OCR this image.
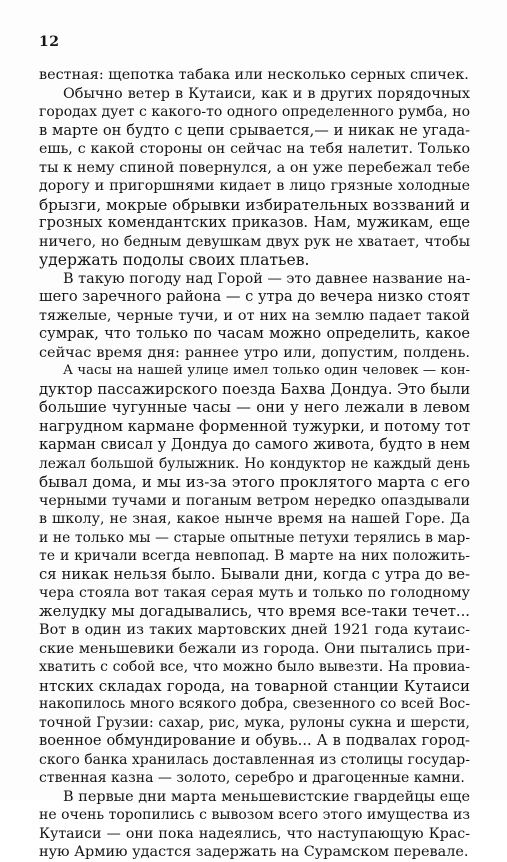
12
вестная: щепотка табака или несколько серных спичек.
Обычно ветер в Кутаиси, как и в других порядочных
городах дует с какого-то одного определенного румба, но
в марте он будто с цепи срывается,— и никак не угада-
ешь, с какой стороны он сейчас на тебя налетит. Только
ты к нему спиной повернулся, а он уже перебежал тебе
дорогу и пригоршнями кидает в лицо грязные холодные
брызги, мокрые обрывки избирательных воззваний и
грозных комендантских приказов. Нам, мужикам, еще
ничего, но бедным девушкам двух рук не хватает, чтобы
удержать подолы своих платьев.
В такую погоду над Горой — это давнее название на-
шего заречного района — с утра до вечера низко стоят
тяжелые, черные тучи, и от них на землю падает такой
сумрак, что только по часам можно определить, какое
сейчас время дня: раннее утро или, допустим, полдень.
А часы на нашей улице имел только один человек — кон-
дуктор пассажирского поезда Бахва Дондуа. Это были
большие чугунные часы — они у него лежали в левом
нагрудном кармане форменной тужурки, и потому тот
карман свисал у Дондуа до самого живота, будто в нем
лежал большой булыжник. Но кондуктор не каждый день
бывал дома, и мы из-за этого проклятого марта с его
черными тучами и поганым ветром нередко опаздывали
в школу, не зная, какое нынче время на нашей Горе. Да
и не только мы — старые опытные петухи терялись в мар-
те и кричали всегда невпопад. В марте на них положить-
ся никак нельзя было. Бывали дни, когда с утра до ве-
чера стояла вот такая серая муть и только по голодному
желудку мы догадывались, что время все-таки течет...
Вот в один из таких мартовских дней 1921 года кутаис-
ские меньшевики бежали из города. Они пытались при-
хватить с собой все, что можно было вывезти. На провиа-
нтских складах города, на товарной станции Кутаиси
накопилось много всякого добра, свезенного со всей Вос-
точной Грузии: сахар, рис, мука, рулоны сукна и шерсти,
военное обмундирование и обувь... А в подвалах город-
ского банка хранилась доставленная из столицы государ-
ственная казна — золото, серебро и драгоценные камни.
В первые дни марта меньшевистские гвардейцы еще
не очень торопились с вывозом всего этого имущества из
Кутаиси — они пока надеялись, что наступающую Крас-
ную Армию удастся задержать на Сурамском перевале.
